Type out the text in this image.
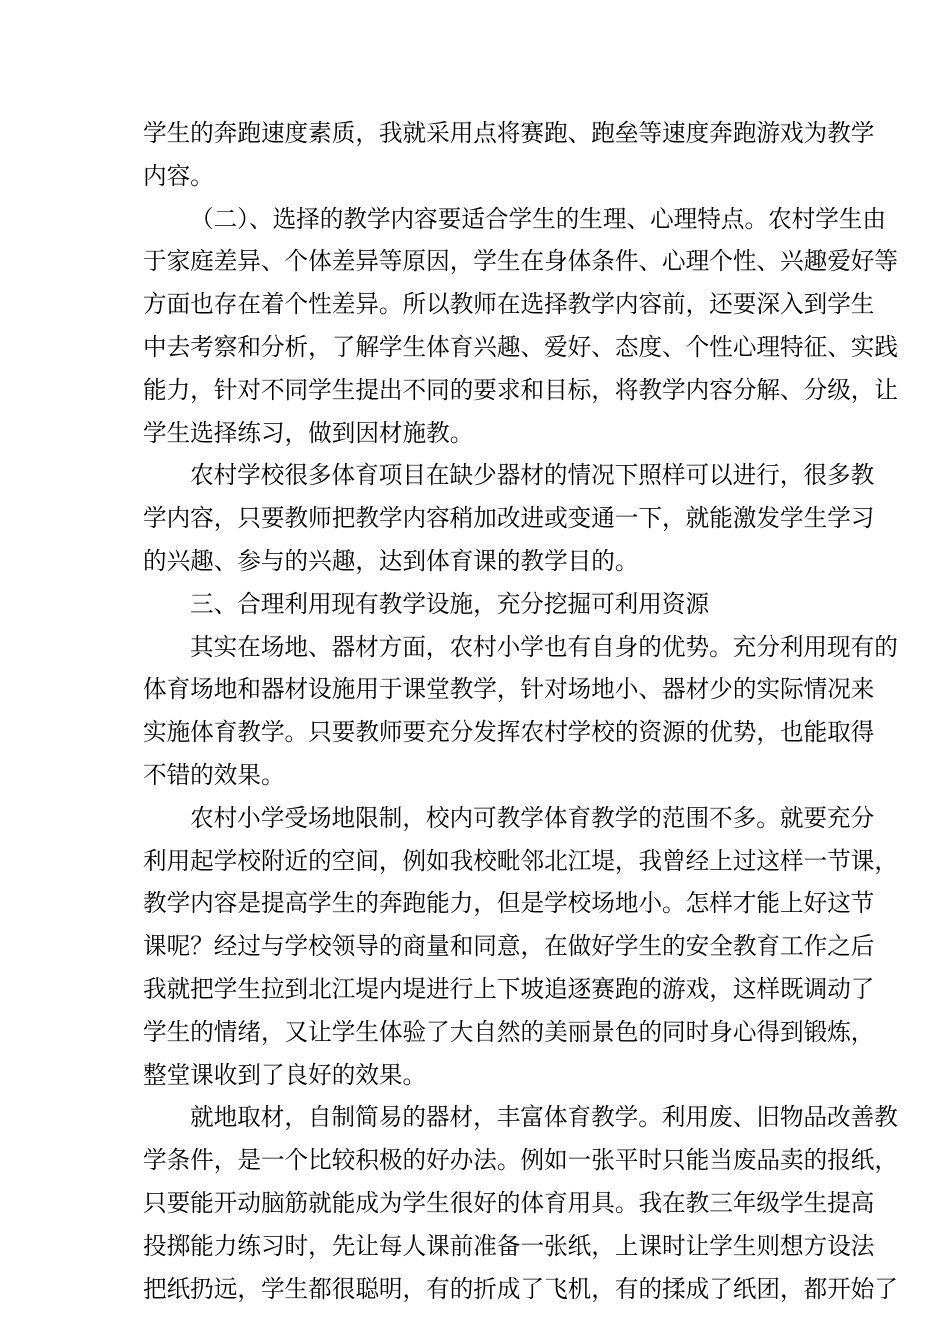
学生的奔跑速度素质，我就采用点将赛跑、跑垒等速度奔跑游戏为教学
内容。
（二）、选择的教学内容要适合学生的生理、心理特点。农村学生由
于家庭差异、个体差异等原因，学生在身体条件、心理个性、兴趣爱好等
方面也存在着个性差异。所以教师在选择教学内容前，还要深入到学生
中去考察和分析，了解学生体育兴趣、爱好、态度、个性心理特征、实践
能力，针对不同学生提出不同的要求和目标，将教学内容分解、分级，让
学生选择练习，做到因材施教。
农村学校很多体育项目在缺少器材的情况下照样可以进行，很多教
学内容，只要教师把教学内容稍加改进或变通一下，就能激发学生学习
的兴趣、参与的兴趣，达到体育课的教学目的。
三、合理利用现有教学设施，充分挖掘可利用资源
其实在场地、器材方面，农村小学也有自身的优势。充分利用现有的
体育场地和器材设施用于课堂教学，针对场地小、器材少的实际情况来
实施体育教学。只要教师要充分发挥农村学校的资源的优势，也能取得
不错的效果。
农村小学受场地限制，校内可教学体育教学的范围不多。就要充分
利用起学校附近的空间，例如我校毗邻北江堤，我曾经上过这样一节课，
教学内容是提高学生的奔跑能力，但是学校场地小。怎样才能上好这节
课呢？经过与学校领导的商量和同意，在做好学生的安全教育工作之后
我就把学生拉到北江堤内堤进行上下坡追逐赛跑的游戏，这样既调动了
学生的情绪，又让学生体验了大自然的美丽景色的同时身心得到锻炼，
整堂课收到了良好的效果。
就地取材，自制简易的器材，丰富体育教学。利用废、旧物品改善教
学条件，是一个比较积极的好办法。例如一张平时只能当废品卖的报纸，
只要能开动脑筋就能成为学生很好的体育用具。我在教三年级学生提高
投掷能力练习时，先让每人课前准备一张纸，上课时让学生则想方设法
把纸扔远，学生都很聪明，有的折成了飞机，有的揉成了纸团，都开始了
